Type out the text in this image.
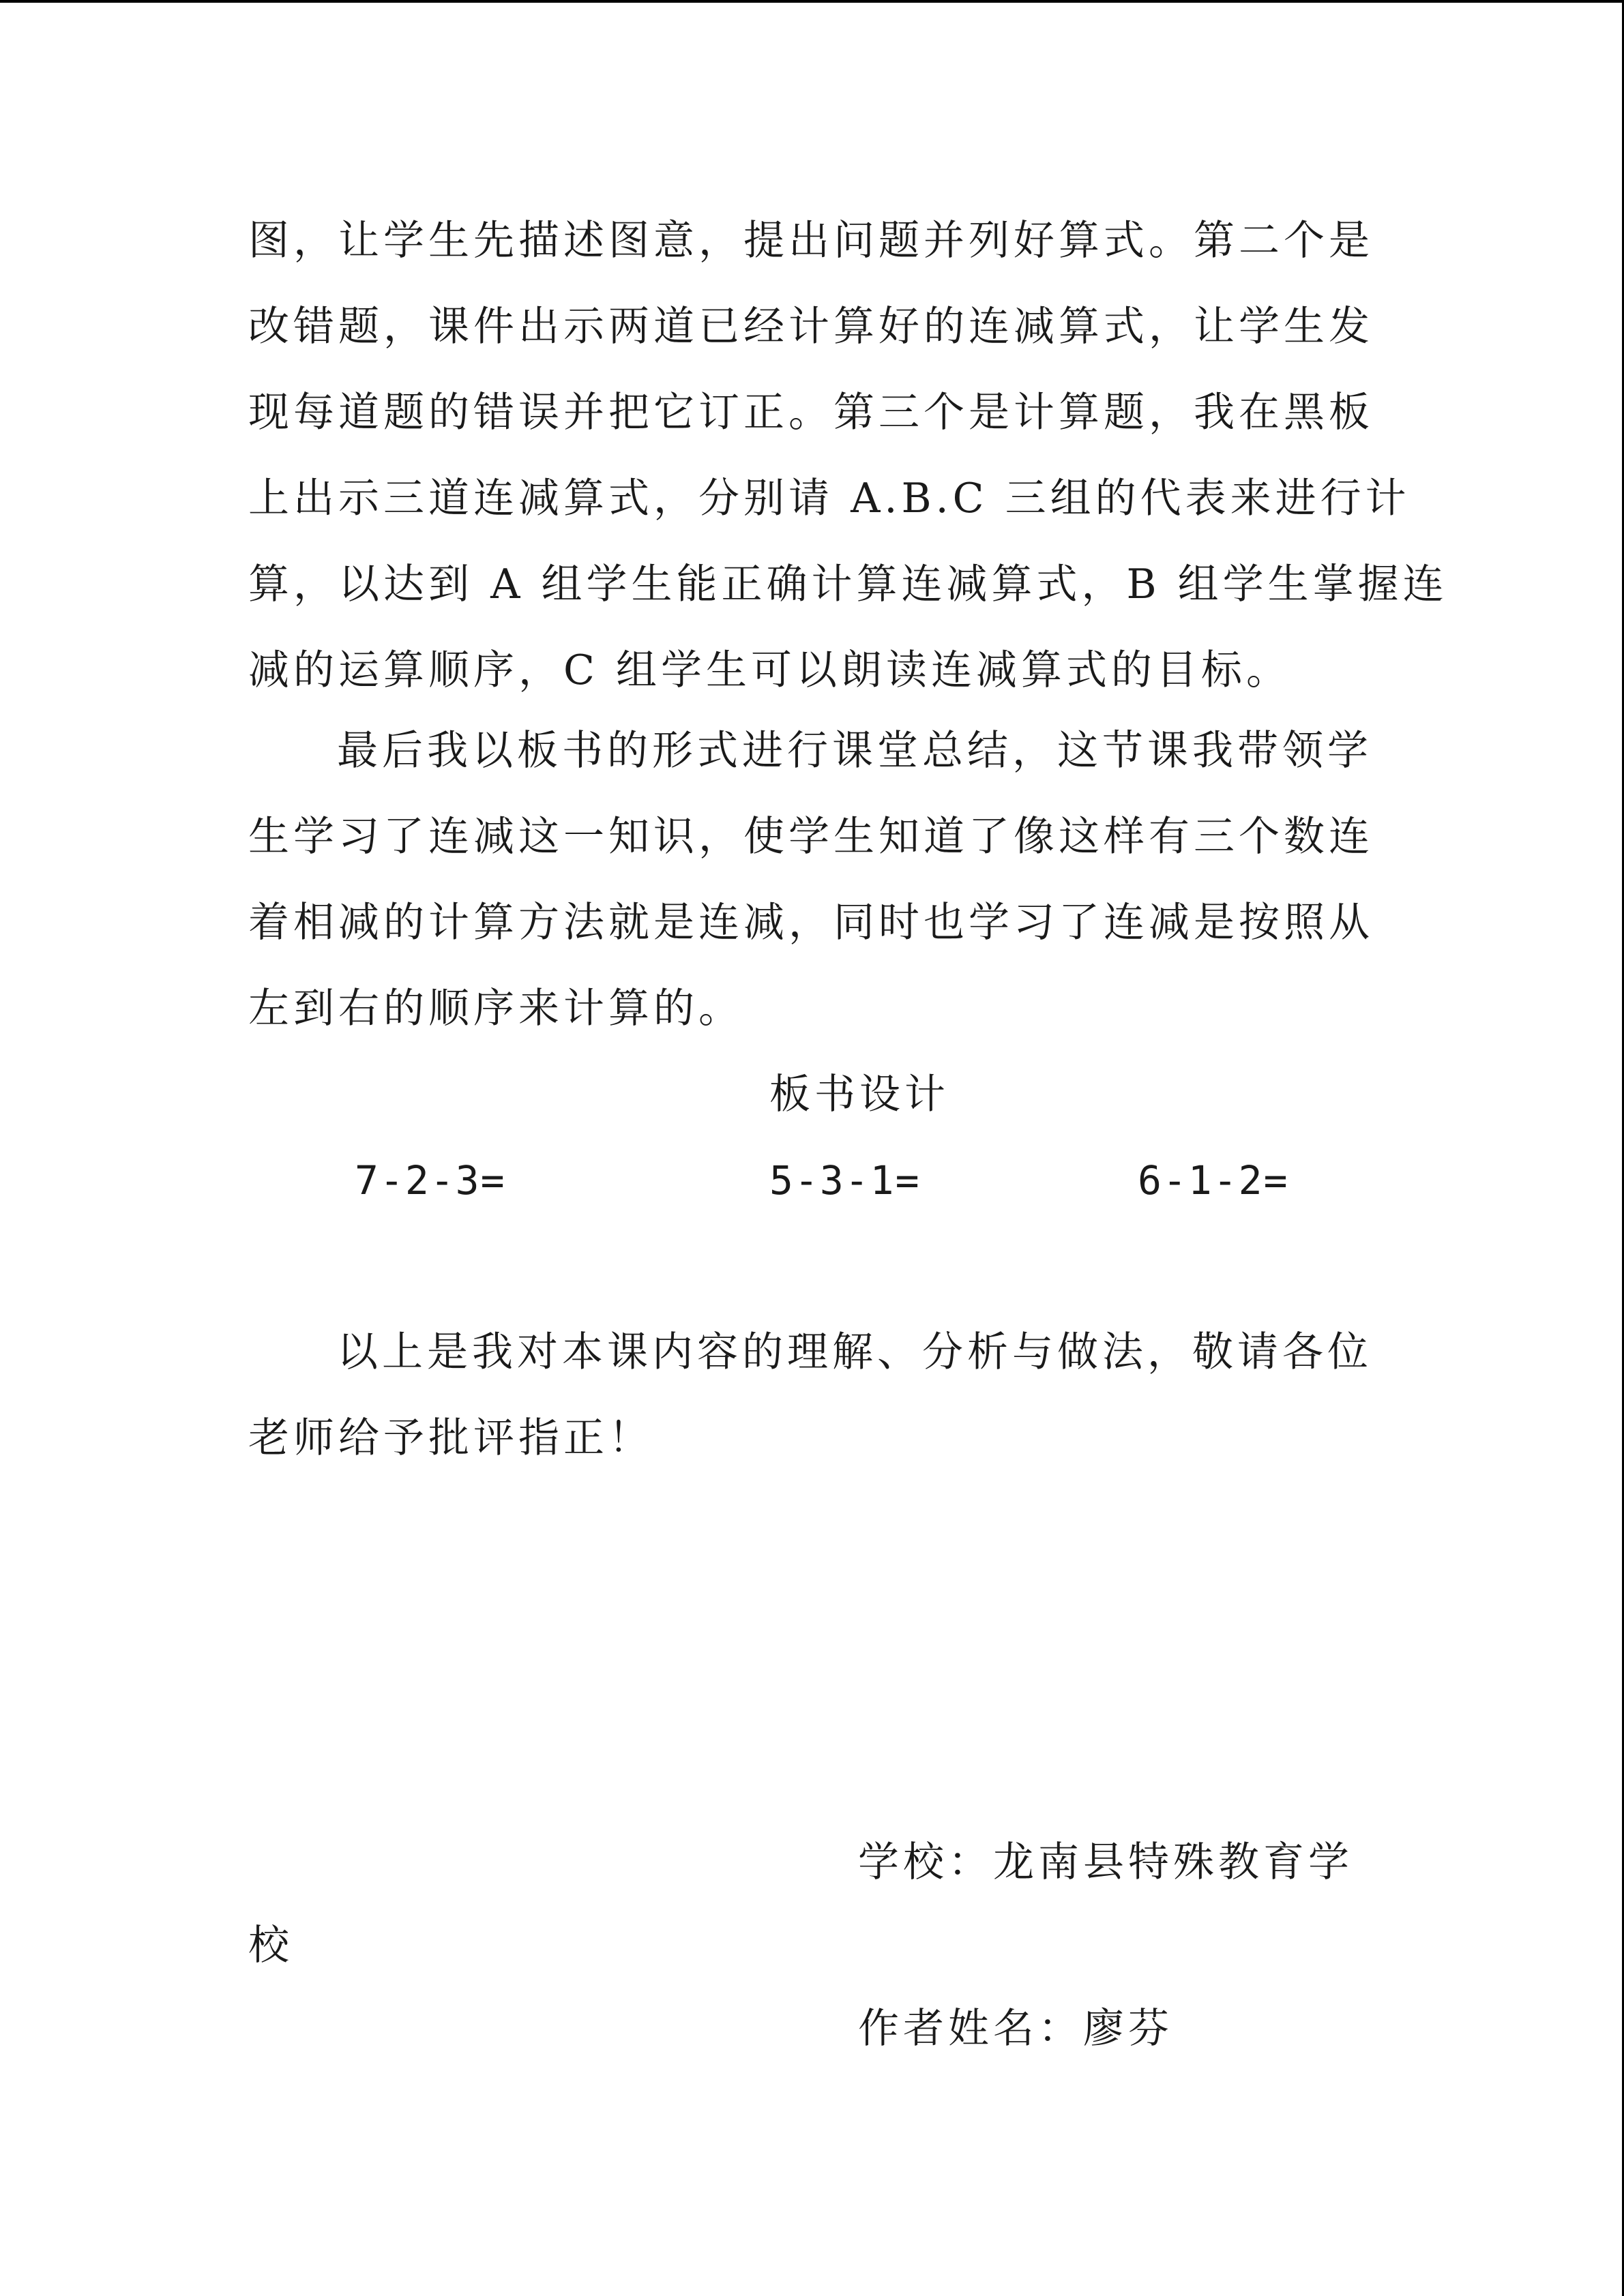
图，让学生先描述图意，提出问题并列好算式。第二个是
改错题，课件出示两道已经计算好的连减算式，让学生发
现每道题的错误并把它订正。第三个是计算题，我在黑板
上出示三道连减算式，分别请 A.B.C 三组的代表来进行计
算，以达到 A 组学生能正确计算连减算式，B 组学生掌握连
减的运算顺序，C 组学生可以朗读连减算式的目标。
最后我以板书的形式进行课堂总结，这节课我带领学
生学习了连减这一知识，使学生知道了像这样有三个数连
着相减的计算方法就是连减，同时也学习了连减是按照从
左到右的顺序来计算的。
板书设计
7-2-3=	5-3-1=	6-1-2=
以上是我对本课内容的理解、分析与做法，敬请各位
老师给予批评指正！
学校：龙南县特殊教育学
校
作者姓名：廖芬
